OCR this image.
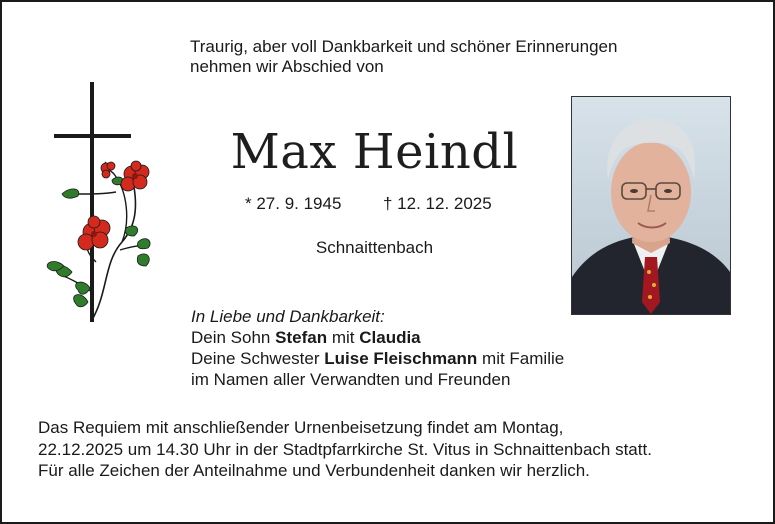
Traurig, aber voll Dankbarkeit und schöner Erinnerungen
nehmen wir Abschied von
Max Heindl
* 27. 9. 1945 † 12. 12. 2025
Schnaittenbach
In Liebe und Dankbarkeit:
Dein Sohn Stefan mit Claudia
Deine Schwester Luise Fleischmann mit Familie
im Namen aller Verwandten und Freunden
Das Requiem mit anschließender Urnenbeisetzung findet am Montag,
22.12.2025 um 14.30 Uhr in der Stadtpfarrkirche St. Vitus in Schnaittenbach statt.
Für alle Zeichen der Anteilnahme und Verbundenheit danken wir herzlich.
